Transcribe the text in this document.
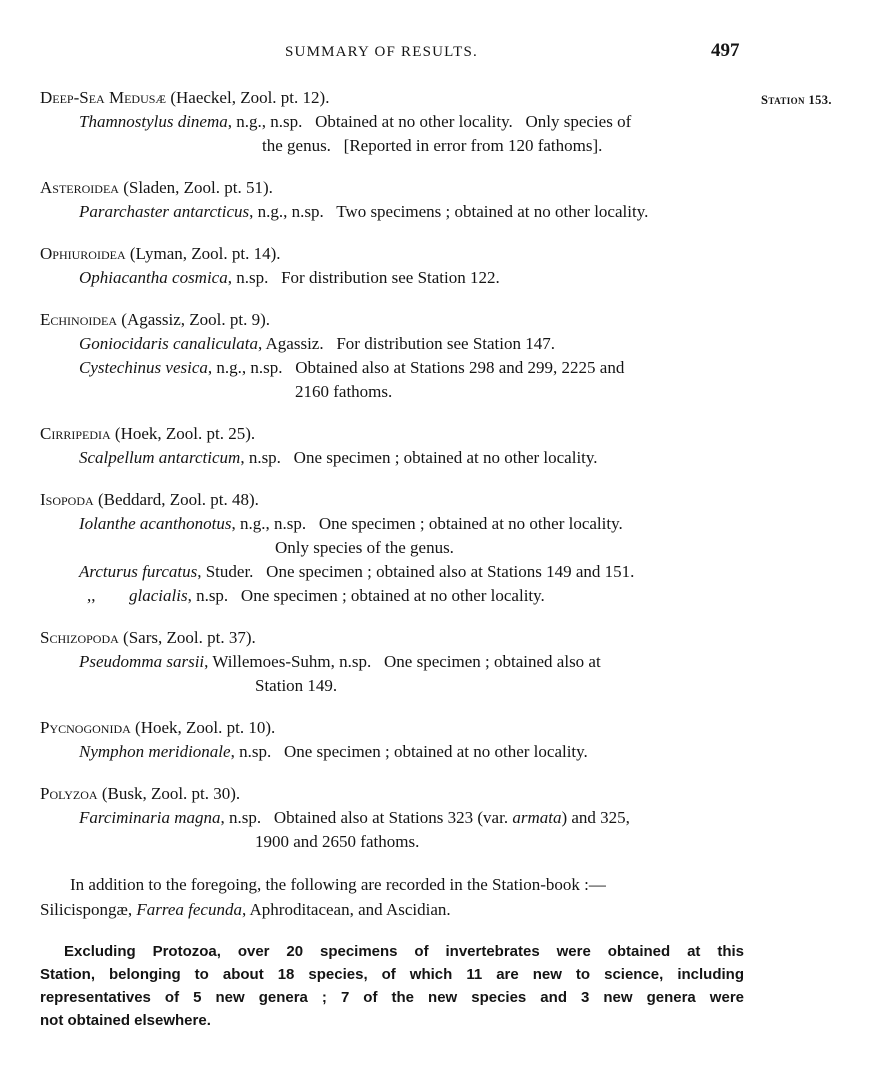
SUMMARY OF RESULTS.	497
Station 153.
Deep-Sea Medusæ (Haeckel, Zool. pt. 12).
Thamnostylus dinema, n.g., n.sp.   Obtained at no other locality.   Only species of
the genus.   [Reported in error from 120 fathoms].
Asteroidea (Sladen, Zool. pt. 51).
Pararchaster antarcticus, n.g., n.sp.   Two specimens ; obtained at no other locality.
Ophiuroidea (Lyman, Zool. pt. 14).
Ophiacantha cosmica, n.sp.   For distribution see Station 122.
Echinoidea (Agassiz, Zool. pt. 9).
Goniocidaris canaliculata, Agassiz.   For distribution see Station 147.
Cystechinus vesica, n.g., n.sp.   Obtained also at Stations 298 and 299, 2225 and
2160 fathoms.
Cirripedia (Hoek, Zool. pt. 25).
Scalpellum antarcticum, n.sp.   One specimen ; obtained at no other locality.
Isopoda (Beddard, Zool. pt. 48).
Iolanthe acanthonotus, n.g., n.sp.   One specimen ; obtained at no other locality.
Only species of the genus.
Arcturus furcatus, Studer.   One specimen ; obtained also at Stations 149 and 151.
,, glacialis, n.sp.   One specimen ; obtained at no other locality.
Schizopoda (Sars, Zool. pt. 37).
Pseudomma sarsii, Willemoes-Suhm, n.sp.   One specimen ; obtained also at
Station 149.
Pycnogonida (Hoek, Zool. pt. 10).
Nymphon meridionale, n.sp.   One specimen ; obtained at no other locality.
Polyzoa (Busk, Zool. pt. 30).
Farciminaria magna, n.sp.   Obtained also at Stations 323 (var. armata) and 325,
1900 and 2650 fathoms.
In addition to the foregoing, the following are recorded in the Station-book :—
Silicispongæ, Farrea fecunda, Aphroditacean, and Ascidian.
Excluding Protozoa, over 20 specimens of invertebrates were obtained at this
Station, belonging to about 18 species, of which 11 are new to science, including
representatives of 5 new genera ; 7 of the new species and 3 new genera were
not obtained elsewhere.
